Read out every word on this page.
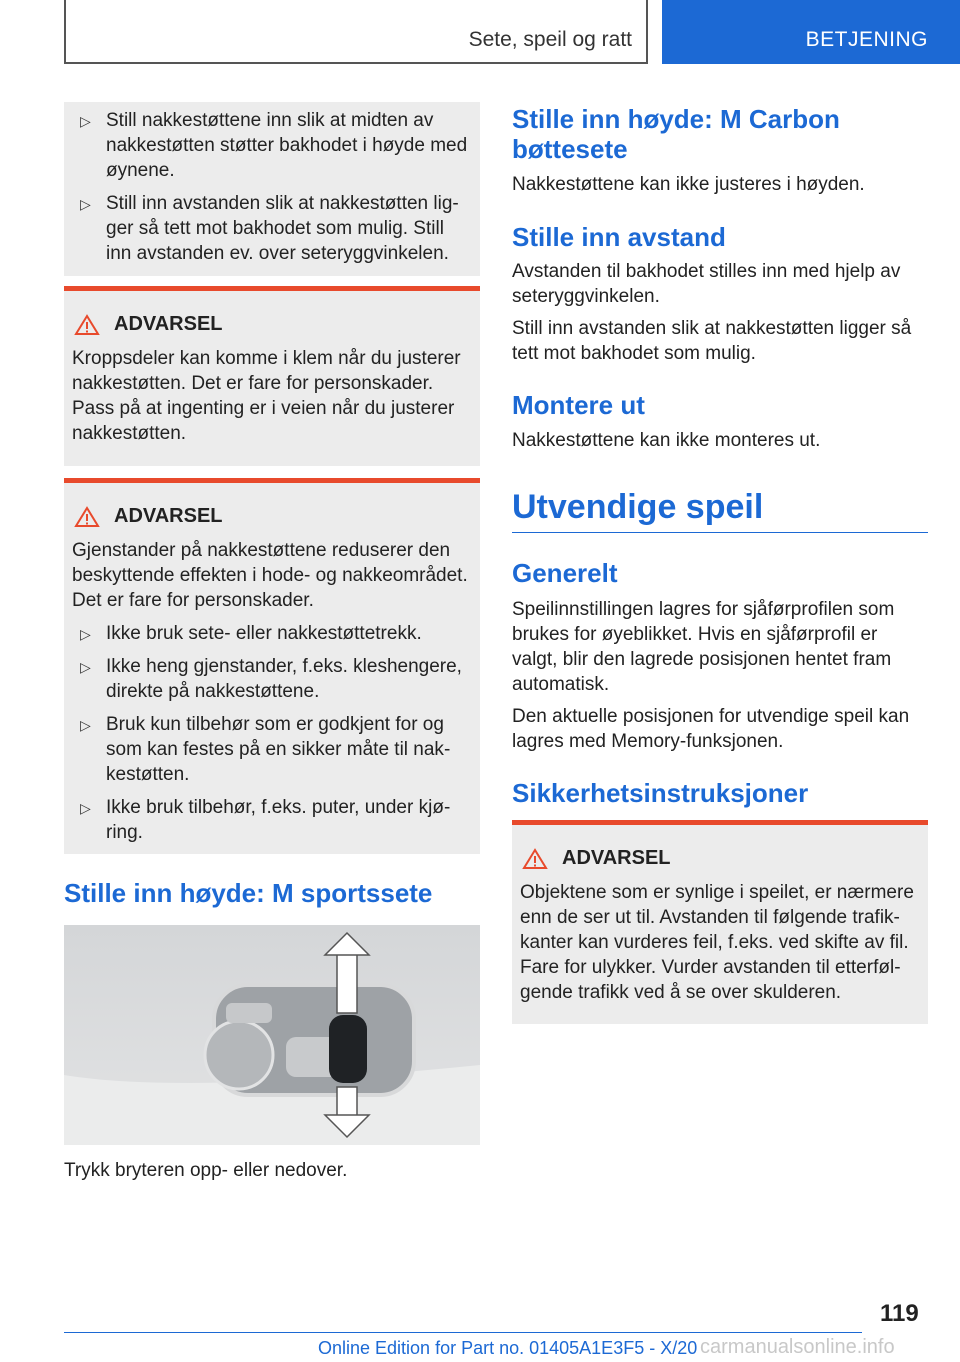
Sete, speil og ratt	BETJENING
▷ Still nakkestøttene inn slik at midten av nakkestøtten støtter bakhodet i høyde med øynene.
▷ Still inn avstanden slik at nakkestøtten ligger så tett mot bakhodet som mulig. Still inn avstanden ev. over seteryggvinkelen.
ADVARSEL
Kroppsdeler kan komme i klem når du justerer nakkestøtten. Det er fare for personskader. Pass på at ingenting er i veien når du justerer nakkestøtten.
ADVARSEL
Gjenstander på nakkestøttene reduserer den beskyttende effekten i hode- og nakkeområdet. Det er fare for personskader.
▷ Ikke bruk sete- eller nakkestøttetrekk.
▷ Ikke heng gjenstander, f.eks. kleshengere, direkte på nakkestøttene.
▷ Bruk kun tilbehør som er godkjent for og som kan festes på en sikker måte til nakkestøtten.
▷ Ikke bruk tilbehør, f.eks. puter, under kjøring.
Stille inn høyde: M sportssete
Trykk bryteren opp- eller nedover.
Stille inn høyde: M Carbon bøttesete
Nakkestøttene kan ikke justeres i høyden.
Stille inn avstand
Avstanden til bakhodet stilles inn med hjelp av seteryggvinkelen.
Still inn avstanden slik at nakkestøtten ligger så tett mot bakhodet som mulig.
Montere ut
Nakkestøttene kan ikke monteres ut.
Utvendige speil
Generelt
Speilinnstillingen lagres for sjåførprofilen som brukes for øyeblikket. Hvis en sjåførprofil er valgt, blir den lagrede posisjonen hentet fram automatisk.
Den aktuelle posisjonen for utvendige speil kan lagres med Memory-funksjonen.
Sikkerhetsinstruksjoner
ADVARSEL
Objektene som er synlige i speilet, er nærmere enn de ser ut til. Avstanden til følgende trafikkanter kan vurderes feil, f.eks. ved skifte av fil. Fare for ulykker. Vurder avstanden til etterfølgende trafikk ved å se over skulderen.
119
Online Edition for Part no. 01405A1E3F5 - X/20 carmanualsonline.info
